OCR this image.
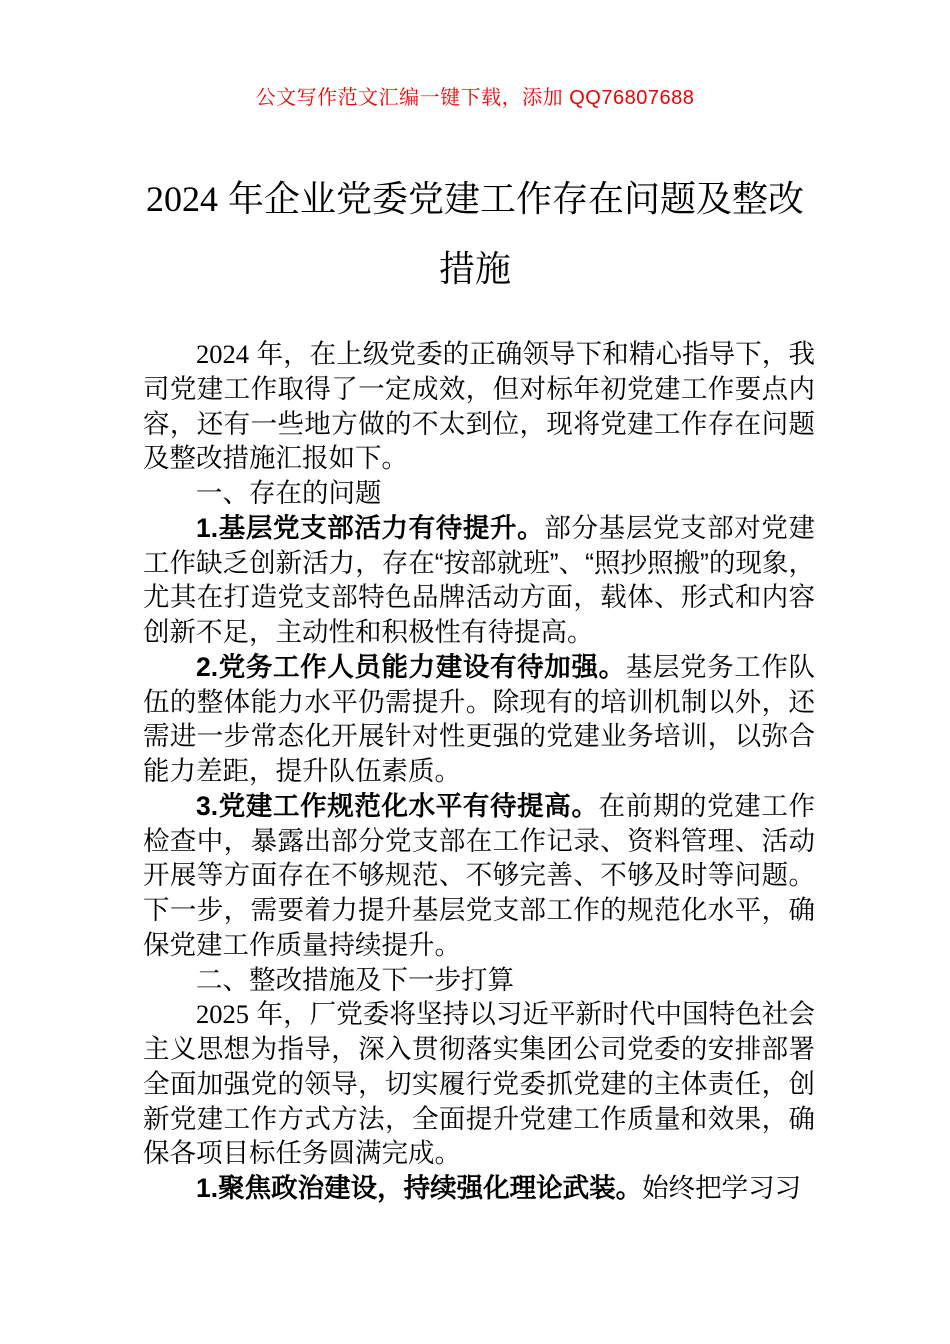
公文写作范文汇编一键下载，添加 QQ76807688
2024 年企业党委党建工作存在问题及整改措施

2024 年，在上级党委的正确领导下和精心指导下，我司党建工作取得了一定成效，但对标年初党建工作要点内容，还有一些地方做的不太到位，现将党建工作存在问题及整改措施汇报如下。

一、存在的问题

1.基层党支部活力有待提升。部分基层党支部对党建工作缺乏创新活力，存在“按部就班”、“照抄照搬”的现象，尤其在打造党支部特色品牌活动方面，载体、形式和内容创新不足，主动性和积极性有待提高。

2.党务工作人员能力建设有待加强。基层党务工作队伍的整体能力水平仍需提升。除现有的培训机制以外，还需进一步常态化开展针对性更强的党建业务培训，以弥合能力差距，提升队伍素质。

3.党建工作规范化水平有待提高。在前期的党建工作检查中，暴露出部分党支部在工作记录、资料管理、活动开展等方面存在不够规范、不够完善、不够及时等问题。下一步，需要着力提升基层党支部工作的规范化水平，确保党建工作质量持续提升。

二、整改措施及下一步打算

2025 年，厂党委将坚持以习近平新时代中国特色社会主义思想为指导，深入贯彻落实集团公司党委的安排部署全面加强党的领导，切实履行党委抓党建的主体责任，创新党建工作方式方法，全面提升党建工作质量和效果，确保各项目标任务圆满完成。

1.聚焦政治建设，持续强化理论武装。始终把学习习
